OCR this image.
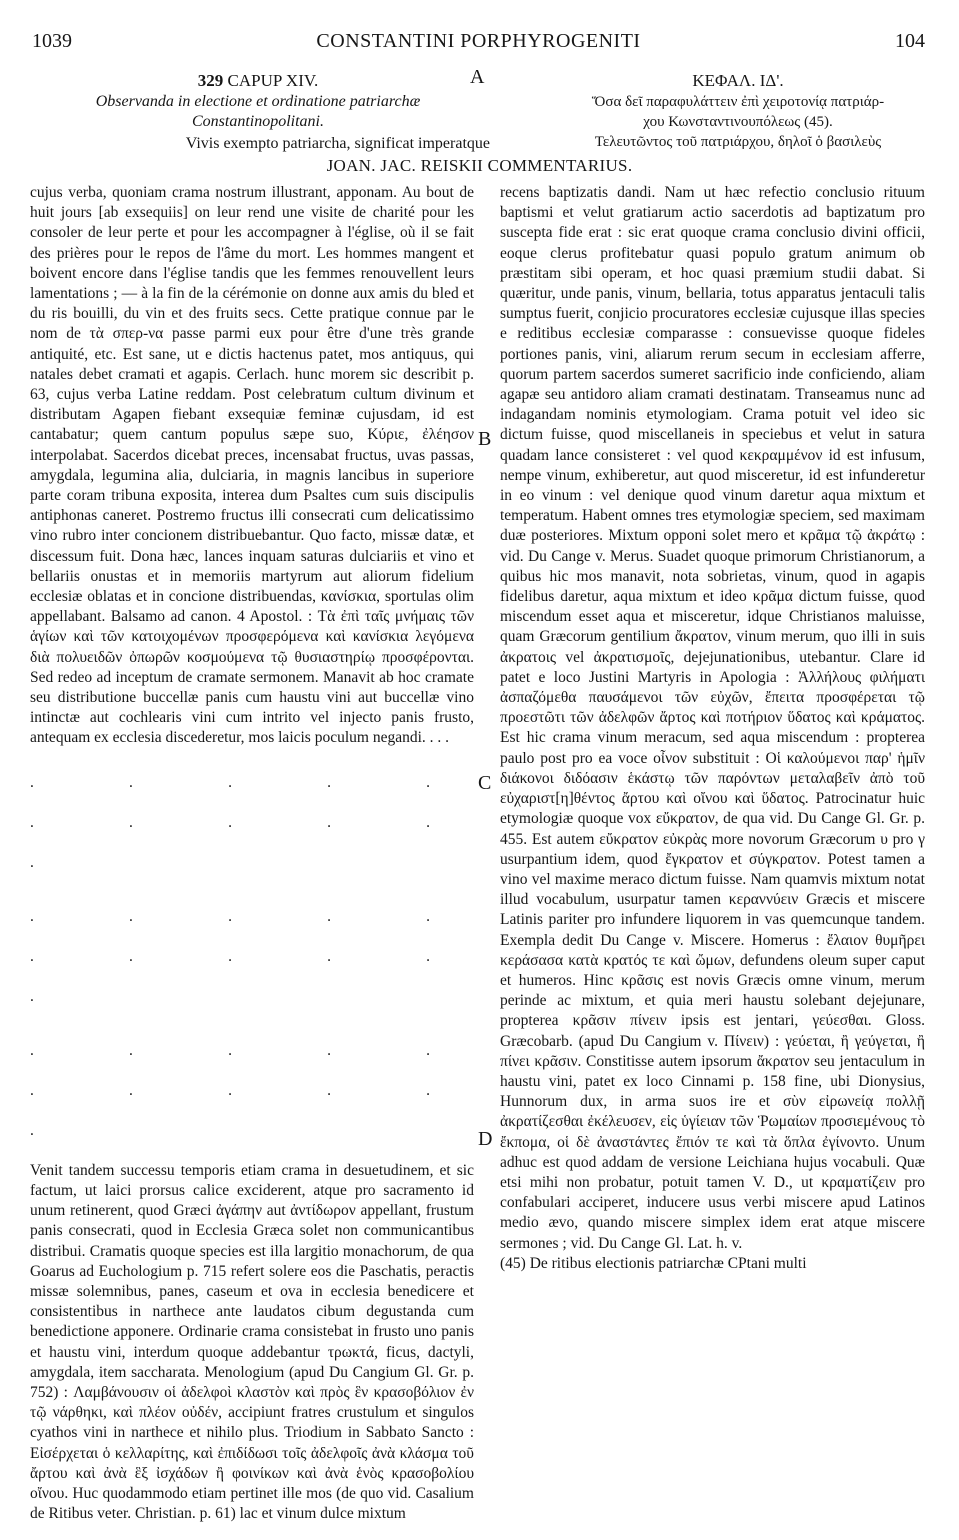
1039	CONSTANTINI PORPHYROGENITI	104
329 CAPUP XIV.
Observanda in electione et ordinatione patriarchæ
Constantinopolitani.
ΚΕΦΑΛ. ΙΔ'.
Ὅσα δεῖ παραφυλάττειν ἐπὶ χειροτονίᾳ πατριάρ-
χου Κωνσταντινουπόλεως (45).
Vivis exempto patriarcha, significat imperatque	Τελευτῶντος τοῦ πατριάρχου, δηλοῖ ὁ βασιλεὺς
JOAN. JAC. REISKII COMMENTARIUS.
A
B
C
D

cujus verba, quoniam crama nostrum illustrant, apponam. Au bout de huit jours [ab exsequiis] on leur rend une visite de charité pour les consoler de leur perte et pour les accompagner à l'église, où il se fait des prières pour le repos de l'âme du mort. Les hommes mangent et boivent encore dans l'église tandis que les femmes renouvellent leurs lamentations ; — à la fin de la cérémonie on donne aux amis du bled et du ris bouilli, du vin et des fruits secs. Cette pratique connue par le nom de τὰ σπερ-να passe parmi eux pour être d'une très grande antiquité, etc. Est sane, ut e dictis hactenus patet, mos antiquus, qui natales debet cramati et agapis. Cerlach. hunc morem sic describit p. 63, cujus verba Latine reddam. Post celebratum cultum divinum et distributam Agapen fiebant exsequiæ feminæ cujusdam, id est cantabatur; quem cantum populus sæpe suo, Κύριε, ἐλέησον interpolabat. Sacerdos dicebat preces, incensabat fructus, uvas passas, amygdala, legumina alia, dulciaria, in magnis lancibus in superiore parte coram tribuna exposita, interea dum Psaltes cum suis discipulis antiphonas caneret. Postremo fructus illi consecrati cum delicatissimo vino rubro inter concionem distribuebantur. Quo facto, missæ datæ, et discessum fuit. Dona hæc, lances inquam saturas dulciariis et vino et bellariis onustas et in memoriis martyrum aut aliorum fidelium ecclesiæ oblatas et in concione distribuendas, κανίσκια, sportulas olim appellabant. Balsamo ad canon. 4 Apostol. : Τὰ ἐπὶ ταῖς μνήμαις τῶν ἁγίων καὶ τῶν κατοιχομένων προσφερόμενα καὶ κανίσκια λεγόμενα διὰ πολυειδῶν ὀπωρῶν κοσμούμενα τῷ θυσιαστηρίῳ προσφέρονται. Sed redeo ad inceptum de cramate sermonem. Manavit ab hoc cramate seu distributione buccellæ panis cum haustu vini aut buccellæ vino intinctæ aut cochlearis vini cum intrito vel injecto panis frusto, antequam ex ecclesia discederetur, mos laicis poculum negandi. . . .

. . . . . . . . . . .
. . . . . . . . . . .
. . . . . . . . . . .

Venit tandem successu temporis etiam crama in desuetudinem, et sic factum, ut laici prorsus calice exciderent, atque pro sacramento id unum retinerent, quod Græci ἀγάπην aut ἀντίδωρον appellant, frustum panis consecrati, quod in Ecclesia Græca solet non communicantibus distribui. Cramatis quoque species est illa largitio monachorum, de qua Goarus ad Euchologium p. 715 refert solere eos die Paschatis, peractis missæ solemnibus, panes, caseum et ova in ecclesia benedicere et consistentibus in narthece ante laudatos cibum degustanda cum benedictione apponere. Ordinarie crama consistebat in frusto uno panis et haustu vini, interdum quoque addebantur τρωκτά, ficus, dactyli, amygdala, item saccharata. Menologium (apud Du Cangium Gl. Gr. p. 752) : Λαμβάνουσιν οἱ ἀδελφοὶ κλαστὸν καὶ πρὸς ἓν κρασοβόλιον ἐν τῷ νάρθηκι, καὶ πλέον οὐδέν, accipiunt fratres crustulum et singulos cyathos vini in narthece et nihilo plus. Triodium in Sabbato Sancto : Εἰσέρχεται ὁ κελλαρίτης, καὶ ἐπιδίδωσι τοῖς ἀδελφοῖς ἀνὰ κλάσμα τοῦ ἄρτου καὶ ἀνὰ ἓξ ἰσχάδων ἢ φοινίκων καὶ ἀνὰ ἑνὸς κρασοβολίου οἴνου. Huc quodammodo etiam pertinet ille mos (de quo vid. Casalium de Ritibus veter. Christian. p. 61) lac et vinum dulce mixtum

recens baptizatis dandi. Nam ut hæc refectio conclusio rituum baptismi et velut gratiarum actio sacerdotis ad baptizatum pro suscepta fide erat : sic erat quoque crama conclusio divini officii, eoque clerus profitebatur quasi populo gratum animum ob præstitam sibi operam, et hoc quasi præmium studii dabat. Si quæritur, unde panis, vinum, bellaria, totus apparatus jentaculi talis sumptus fuerit, conjicio procuratores ecclesiæ cujusque illas species e reditibus ecclesiæ comparasse : consuevisse quoque fideles portiones panis, vini, aliarum rerum secum in ecclesiam afferre, quorum partem sacerdos sumeret sacrificio inde conficiendo, aliam agapæ seu antidoro aliam cramati destinatam. Transeamus nunc ad indagandam nominis etymologiam. Crama potuit vel ideo sic dictum fuisse, quod miscellaneis in speciebus et velut in satura quadam lance consisteret : vel quod κεκραμμένον id est infusum, nempe vinum, exhiberetur, aut quod misceretur, id est infunderetur in eo vinum : vel denique quod vinum daretur aqua mixtum et temperatum. Habent omnes tres etymologiæ speciem, sed maximam duæ posteriores. Mixtum opponi solet mero et κρᾶμα τῷ ἀκράτῳ : vid. Du Cange v. Merus. Suadet quoque primorum Christianorum, a quibus hic mos manavit, nota sobrietas, vinum, quod in agapis fidelibus daretur, aqua mixtum et ideo κρᾶμα dictum fuisse, quod miscendum esset aqua et misceretur, idque Christianos maluisse, quam Græcorum gentilium ἄκρατον, vinum merum, quo illi in suis ἀκρατοις vel ἀκρατισμοῖς, dejejunationibus, utebantur. Clare id patet e loco Justini Martyris in Apologia : Ἀλλήλους φιλήματι ἀσπαζόμεθα παυσάμενοι τῶν εὐχῶν, ἔπειτα προσφέρεται τῷ προεστῶτι τῶν ἀδελφῶν ἄρτος καὶ ποτήριον ὕδατος καὶ κράματος. Est hic crama vinum meracum, sed aqua miscendum : propterea paulo post pro ea voce οἶνον substituit : Οἱ καλούμενοι παρ' ἡμῖν διάκονοι διδόασιν ἑκάστῳ τῶν παρόντων μεταλαβεῖν ἀπὸ τοῦ εὐχαριστ[η]θέντος ἄρτου καὶ οἴνου καὶ ὕδατος. Patrocinatur huic etymologiæ quoque vox εὔκρατον, de qua vid. Du Cange Gl. Gr. p. 455. Est autem εὔκρατον εὐκρὰς more novorum Græcorum υ pro γ usurpantium idem, quod ἔγκρατον et σύγκρατον. Potest tamen a vino vel maxime meraco dictum fuisse. Nam quamvis mixtum notat illud vocabulum, usurpatur tamen κεραννύειν Græcis et miscere Latinis pariter pro infundere liquorem in vas quemcunque tandem. Exempla dedit Du Cange v. Miscere. Homerus : ἔλαιον θυμῆρει κεράσασα κατὰ κρατός τε καὶ ὤμων, defundens oleum super caput et humeros. Hinc κρᾶσις est novis Græcis omne vinum, merum perinde ac mixtum, et quia meri haustu solebant dejejunare, propterea κρᾶσιν πίνειν ipsis est jentari, γεύεσθαι. Gloss. Græcobarb. (apud Du Cangium v. Πίνειν) : γεύεται, ἢ γεύγεται, ἢ πίνει κρᾶσιν. Constitisse autem ipsorum ἄκρατον seu jentaculum in haustu vini, patet ex loco Cinnami p. 158 fine, ubi Dionysius, Hunnorum dux, in arma suos ire et σὺν εἰρωνείᾳ πολλῇ ἀκρατίζεσθαι ἐκέλευσεν, εἰς ὑγίειαν τῶν Ῥωμαίων προσιεμένους τὸ ἔκπομα, οἱ δὲ ἀναστάντες ἔπιόν τε καὶ τὰ ὅπλα ἐγίνοντο. Unum adhuc est quod addam de versione Leichiana hujus vocabuli. Quæ etsi mihi non probatur, potuit tamen V. D., ut κραματίζειν pro confabulari acciperet, inducere usus verbi miscere apud Latinos medio ævo, quando miscere simplex idem erat atque miscere sermones ; vid. Du Cange Gl. Lat. h. v.

(45) De ritibus electionis patriarchæ CPtani multi
